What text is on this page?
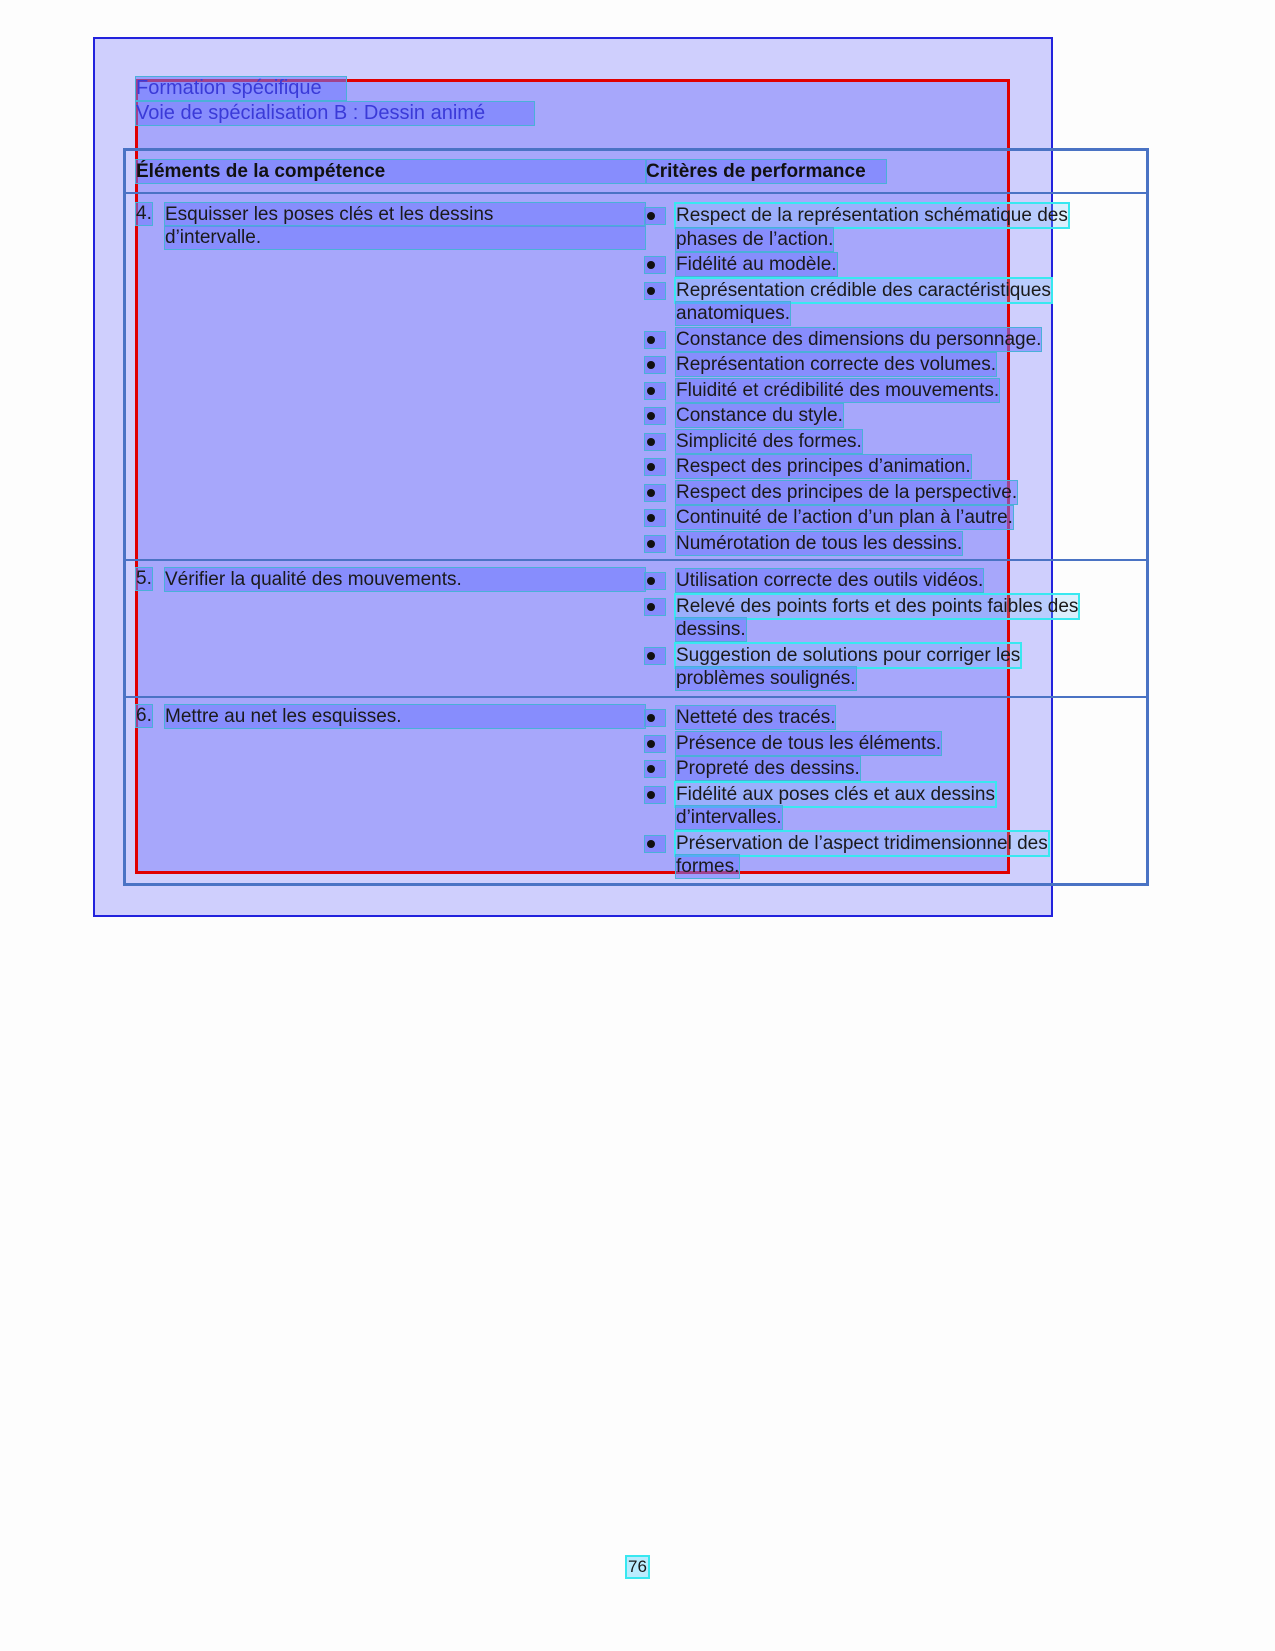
Formation spécifique
Voie de spécialisation B : Dessin animé
Éléments de la compétence	Critères de performance
4. Esquisser les poses clés et les dessins
d’intervalle.
5. Vérifier la qualité des mouvements.
6. Mettre au net les esquisses.
Respect de la représentation schématique des
phases de l’action.
Fidélité au modèle.
Représentation crédible des caractéristiques
anatomiques.
Constance des dimensions du personnage.
Représentation correcte des volumes.
Fluidité et crédibilité des mouvements.
Constance du style.
Simplicité des formes.
Respect des principes d’animation.
Respect des principes de la perspective.
Continuité de l’action d’un plan à l’autre.
Numérotation de tous les dessins.
Utilisation correcte des outils vidéos.
Relevé des points forts et des points faibles des
dessins.
Suggestion de solutions pour corriger les
problèmes soulignés.
Netteté des tracés.
Présence de tous les éléments.
Propreté des dessins.
Fidélité aux poses clés et aux dessins
d’intervalles.
Préservation de l’aspect tridimensionnel des
formes.
76
